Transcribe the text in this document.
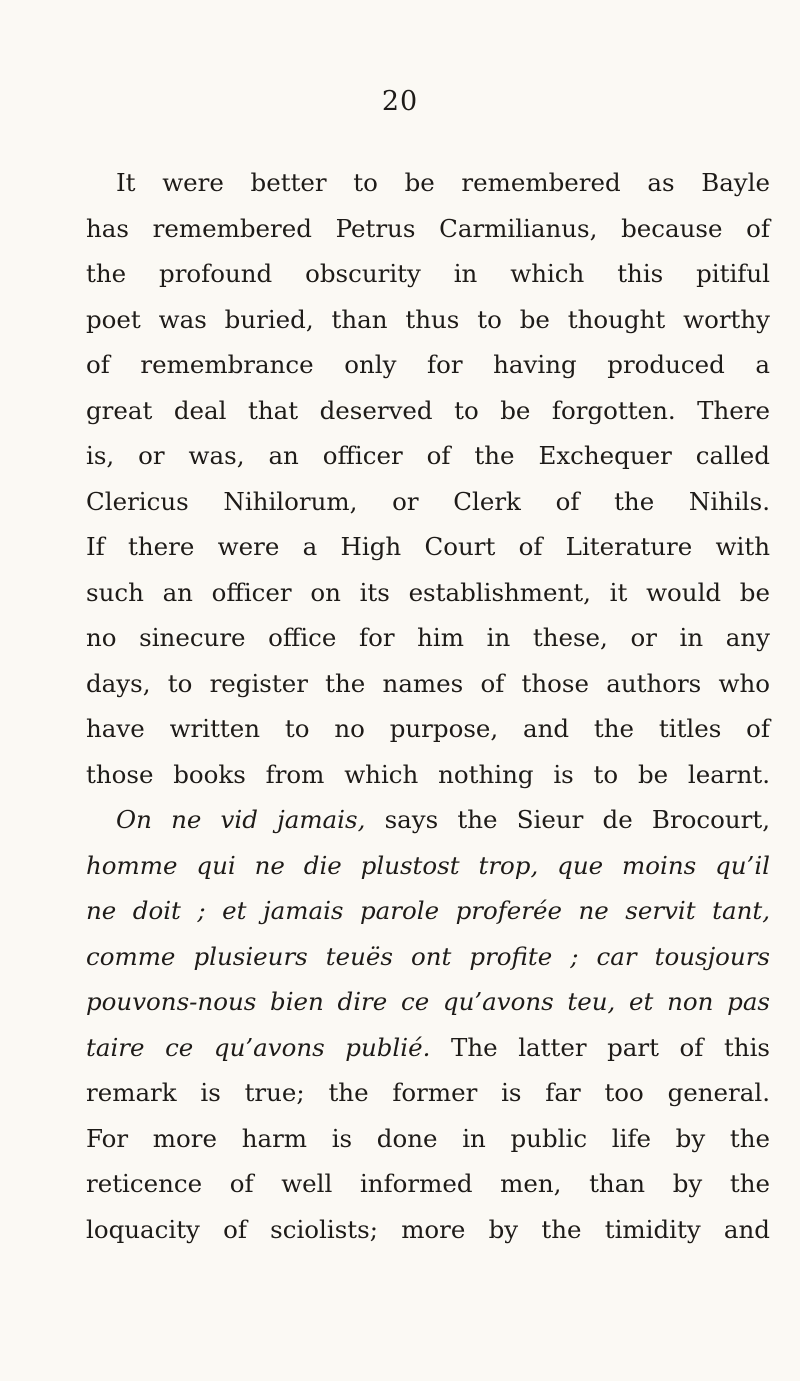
20
It were better to be remembered as Bayle
has remembered Petrus Carmilianus, because of
the profound obscurity in which this pitiful
poet was buried, than thus to be thought worthy
of remembrance only for having produced a
great deal that deserved to be forgotten. There
is, or was, an officer of the Exchequer called
Clericus Nihilorum, or Clerk of the Nihils.
If there were a High Court of Literature with
such an officer on its establishment, it would be
no sinecure office for him in these, or in any
days, to register the names of those authors who
have written to no purpose, and the titles of
those books from which nothing is to be learnt.
On ne vid jamais, says the Sieur de Brocourt,
homme qui ne die plustost trop, que moins qu’il
ne doit ; et jamais parole proferée ne servit tant,
comme plusieurs teuës ont profite ; car tousjours
pouvons-nous bien dire ce qu’avons teu, et non pas
taire ce qu’avons publié. The latter part of this
remark is true; the former is far too general.
For more harm is done in public life by the
reticence of well informed men, than by the
loquacity of sciolists; more by the timidity and
